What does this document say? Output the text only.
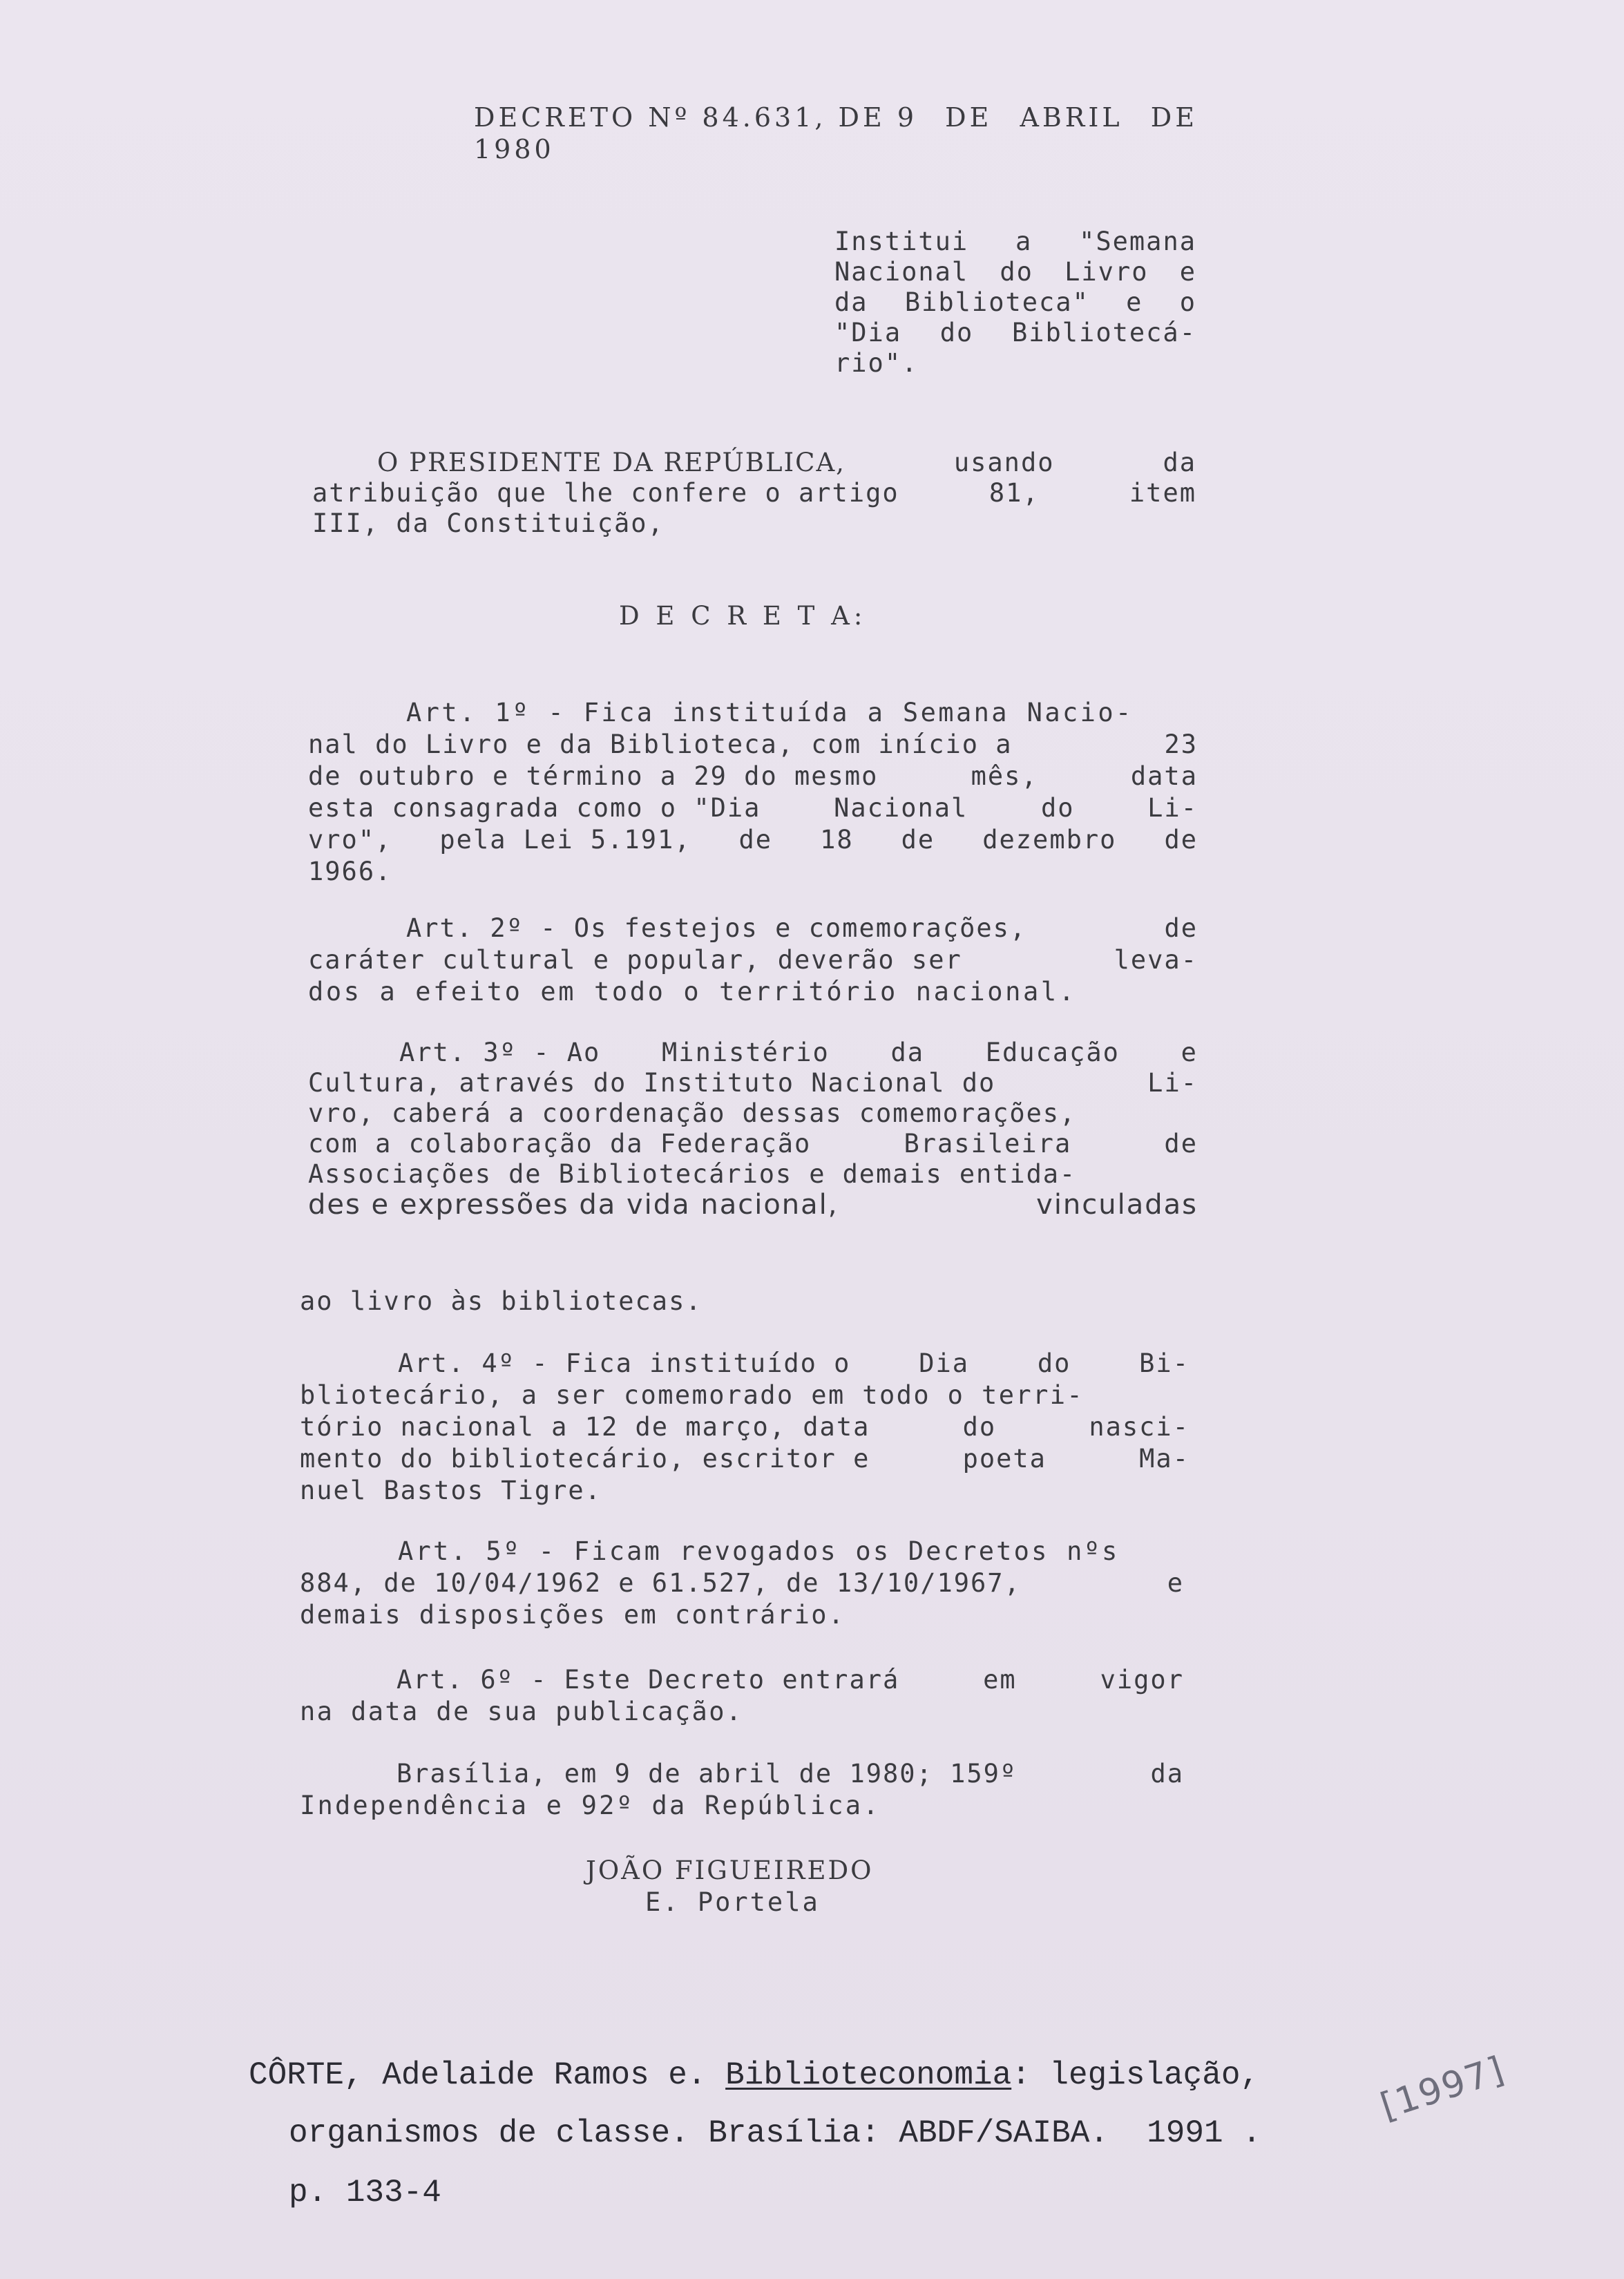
DECRETO Nº 84.631, DE 9 DE ABRIL DE
1980
Institui a "Semana
Nacional do Livro e
da Biblioteca" e o
"Dia do Bibliotecá-
rio".
O PRESIDENTE DA REPÚBLICA,	usando	da
atribuição que lhe confere o artigo	81,	item
III, da Constituição,
D E C R E T A:
Art. 1º - Fica instituída a Semana Nacio-
nal do Livro e da Biblioteca, com início a	23
de outubro e término a 29 do mesmo	mês,	data
esta consagrada como o "Dia	Nacional	do	Li-
vro", pela Lei 5.191, de 18 de dezembro de
1966.
Art. 2º - Os festejos e comemorações,	de
caráter cultural e popular, deverão ser	leva-
dos a efeito em todo o território nacional.
Art. 3º - Ao Ministério da Educação e
Cultura, através do Instituto Nacional do	Li-
vro, caberá a coordenação dessas comemorações,
com a colaboração da Federação	Brasileira	de
Associações de Bibliotecários e demais entida-
des e expressões da vida nacional,	vinculadas
ao livro às bibliotecas.
Art. 4º - Fica instituído o	Dia	do	Bi-
bliotecário, a ser comemorado em todo o terri-
tório nacional a 12 de março, data	do	nasci-
mento do bibliotecário, escritor e	poeta	Ma-
nuel Bastos Tigre.
Art. 5º - Ficam revogados os Decretos nºs
884, de 10/04/1962 e 61.527, de 13/10/1967,	e
demais disposições em contrário.
Art. 6º - Este Decreto entrará	em	vigor
na data de sua publicação.
Brasília, em 9 de abril de 1980; 159º	da
Independência e 92º da República.
JOÃO FIGUEIREDO
E. Portela
CÔRTE, Adelaide Ramos e. Biblioteconomia: legislação,
organismos de classe. Brasília: ABDF/SAIBA.  1991 .
p. 133-4
[1997]
